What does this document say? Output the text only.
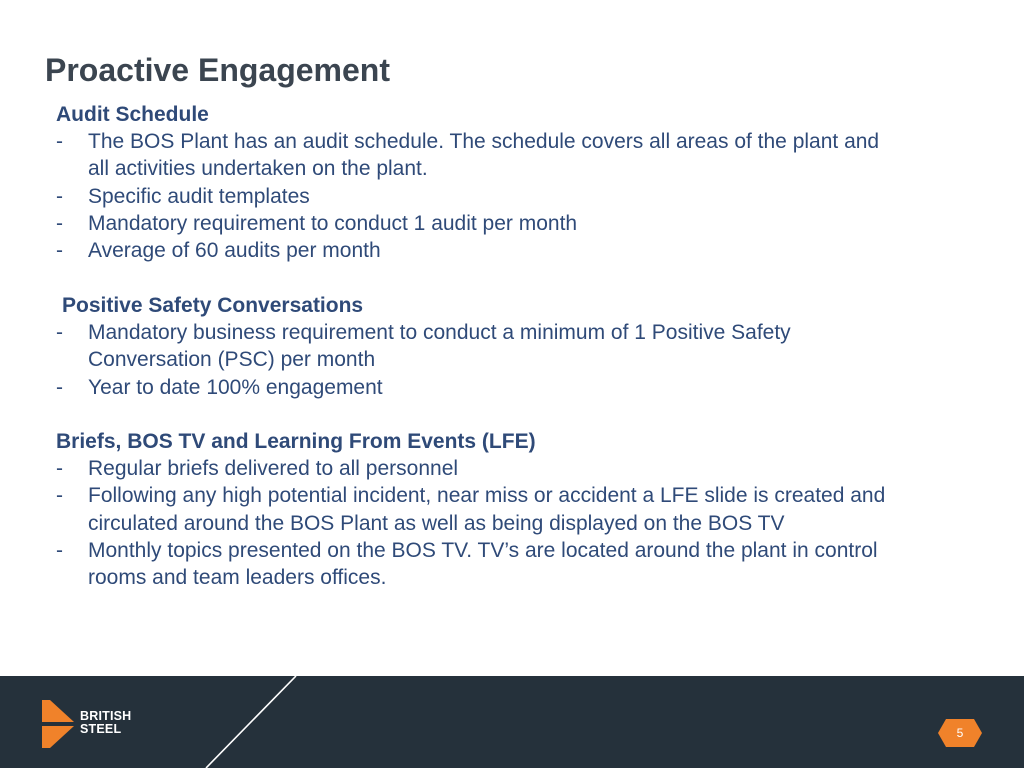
Proactive Engagement

Audit Schedule

- The BOS Plant has an audit schedule. The schedule covers all areas of the plant and
all activities undertaken on the plant.
- Specific audit templates
- Mandatory requirement to conduct 1 audit per month
- Average of 60 audits per month

Positive Safety Conversations

- Mandatory business requirement to conduct a minimum of 1 Positive Safety
Conversation (PSC) per month
- Year to date 100% engagement

Briefs, BOS TV and Learning From Events (LFE)

- Regular briefs delivered to all personnel
- Following any high potential incident, near miss or accident a LFE slide is created and
circulated around the BOS Plant as well as being displayed on the BOS TV
- Monthly topics presented on the BOS TV. TV’s are located around the plant in control
rooms and team leaders offices.
BRITISH
STEEL	5
